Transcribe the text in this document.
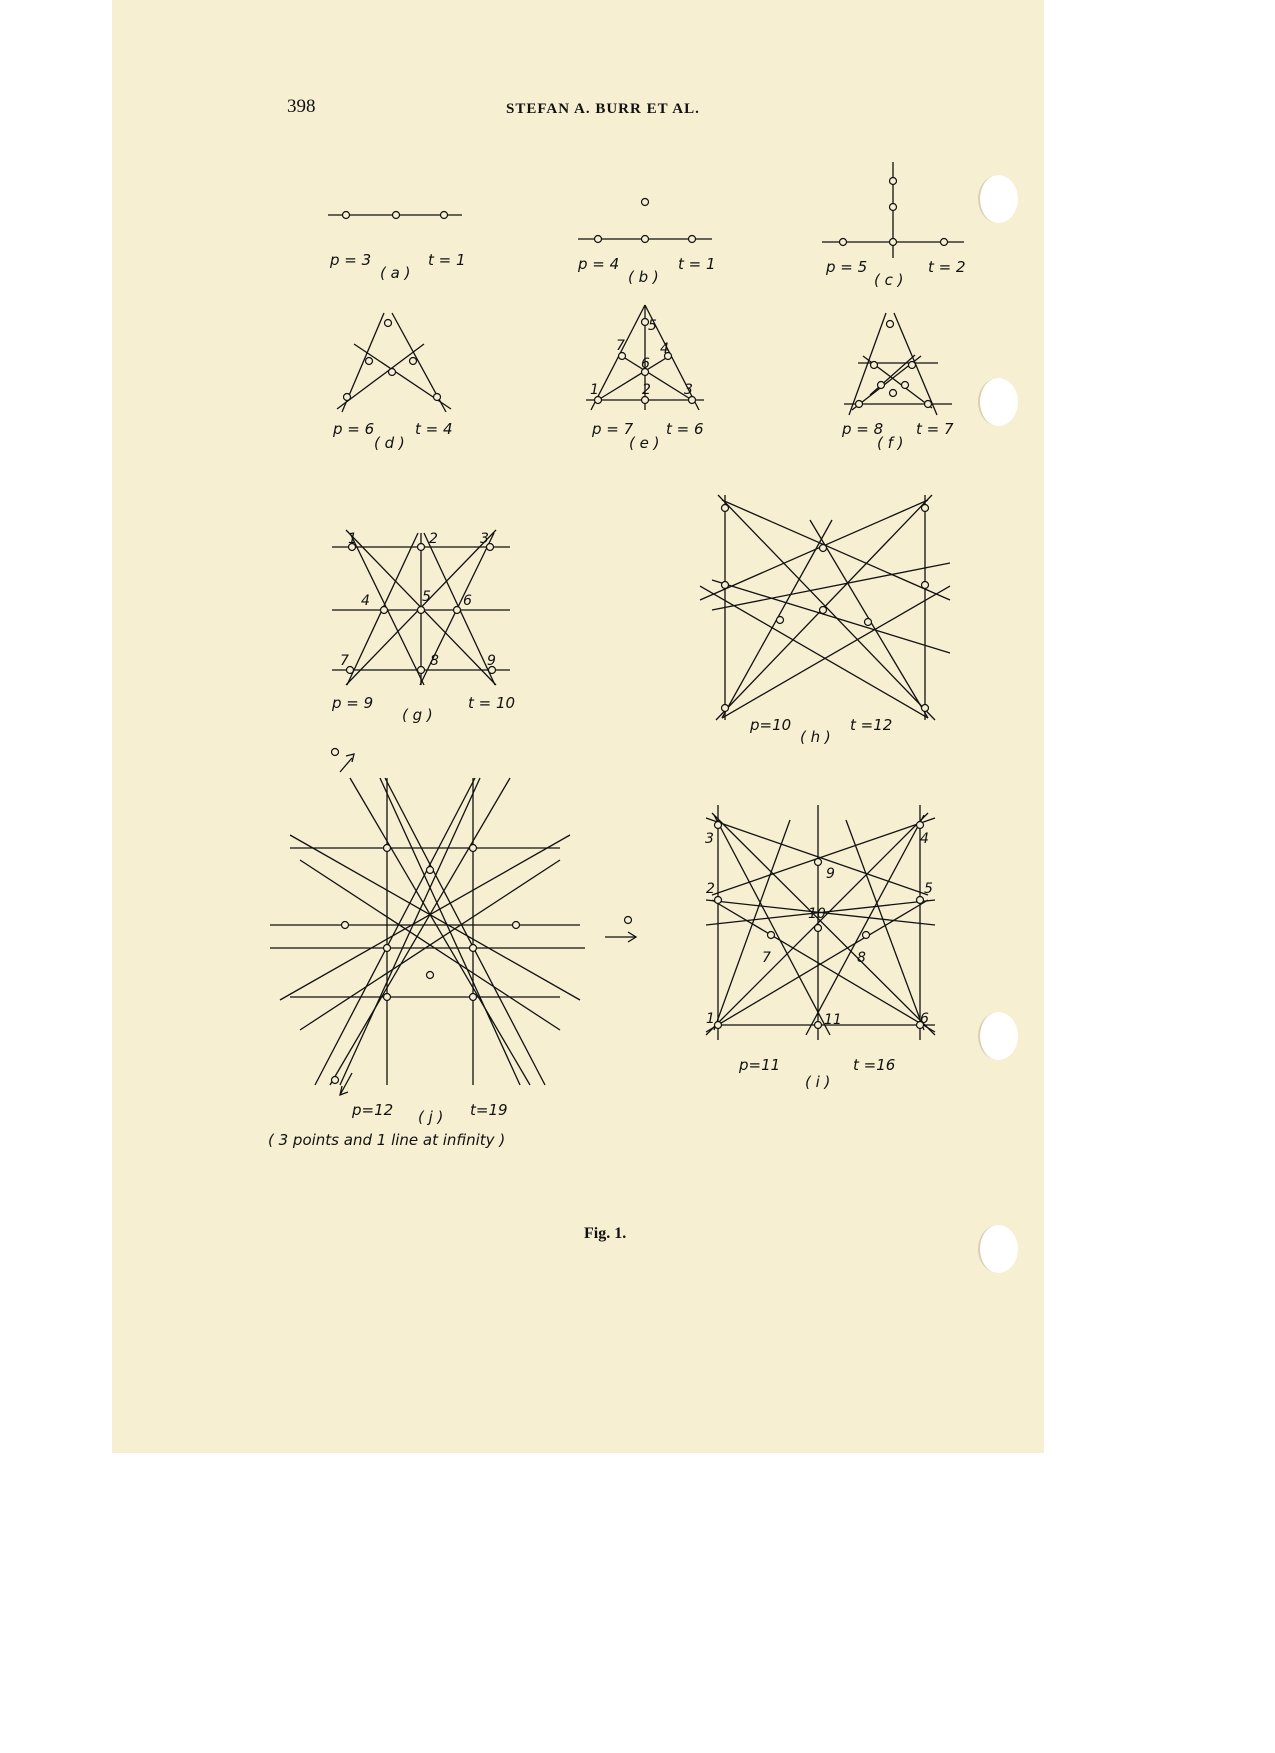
398	STEFAN A. BURR ET AL.
p = 3	t = 1
( a )	p = 4	t = 1
( b )
p = 5	t = 2
( c )
p = 6	t = 4
( d )
1	2 3
4
5
6
7
p = 7 t = 6
( e )
p = 8 t = 7
( f )
1	2	3
4	5 6
7	8	9
p = 9	t = 10
( g )
p=10	t =12
( h )
1
2
3	4
5
6
7	8
9
10
11
p=11	t =16
( i )
p=12	t=19
( j )
( 3 points and 1 line at infinity )
Fig. 1.
